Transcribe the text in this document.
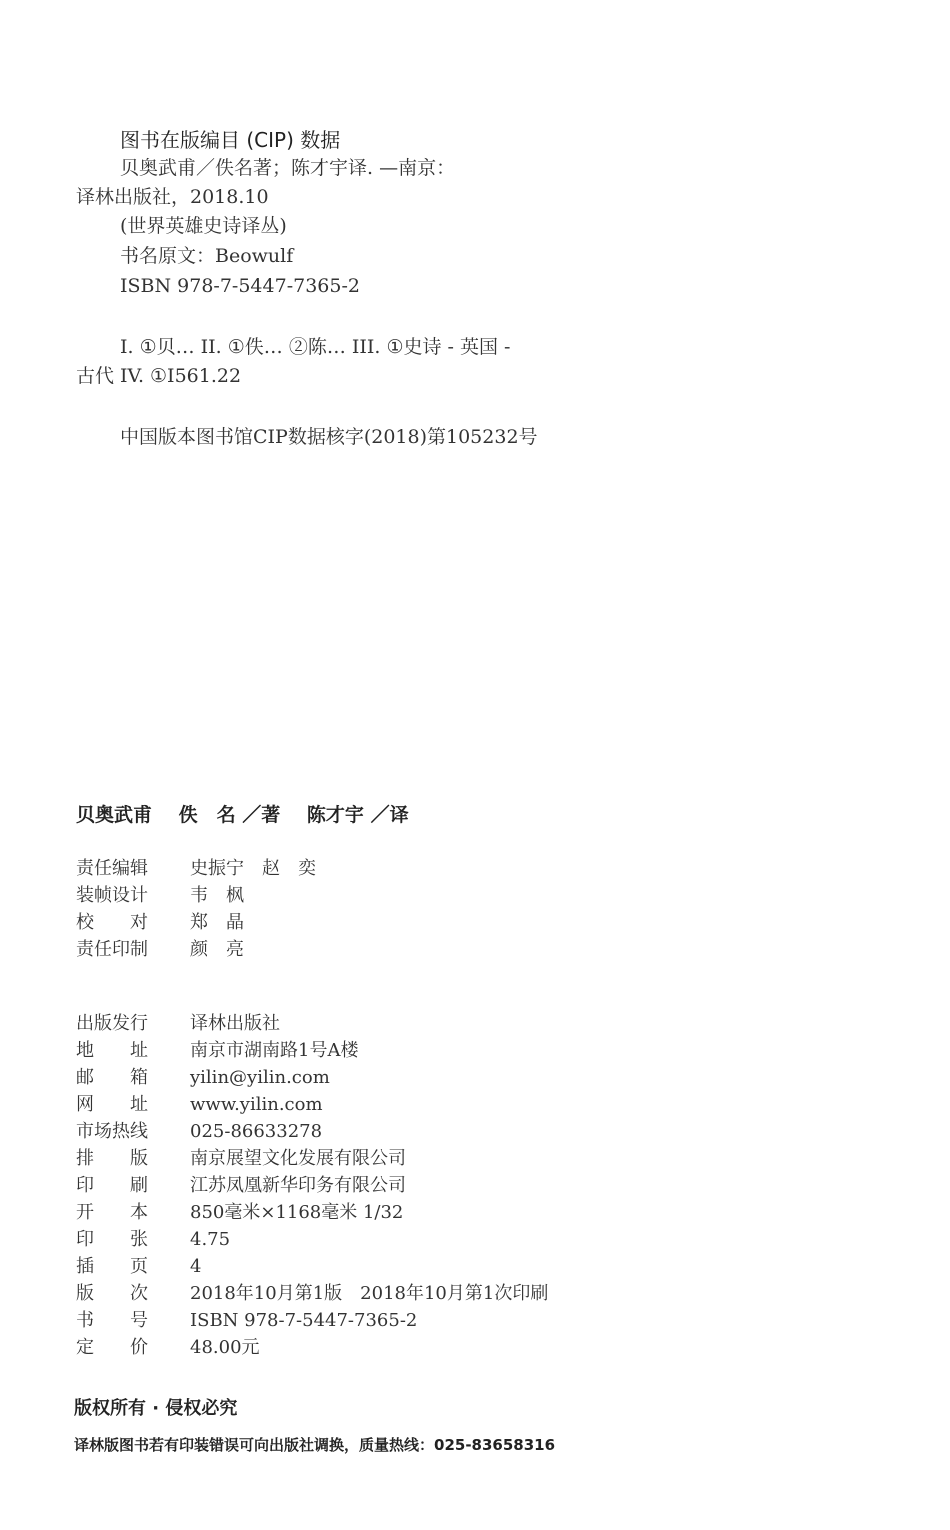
图书在版编目 (CIP) 数据
贝奥武甫／佚名著；陈才宇译. —南京：
译林出版社，2018.10
(世界英雄史诗译丛)
书名原文：Beowulf
ISBN 978-7-5447-7365-2
I. ①贝… II. ①佚… ②陈… III. ①史诗 - 英国 -
古代 IV. ①I561.22
中国版本图书馆CIP数据核字(2018)第105232号
贝奥武甫 佚　名 ／著 陈才宇 ／译
责任编辑	史振宁　赵　奕
装帧设计	韦　枫
校　　对	郑　晶
责任印制	颜　亮
出版发行	译林出版社
地　　址	南京市湖南路1号A楼
邮　　箱	yilin@yilin.com
网　　址	www.yilin.com
市场热线	025-86633278
排　　版	南京展望文化发展有限公司
印　　刷	江苏凤凰新华印务有限公司
开　　本	850毫米×1168毫米 1/32
印　　张	4.75
插　　页	4
版　　次	2018年10月第1版　2018年10月第1次印刷
书　　号	ISBN 978-7-5447-7365-2
定　　价	48.00元
版权所有 · 侵权必究
译林版图书若有印装错误可向出版社调换，质量热线：025-83658316
